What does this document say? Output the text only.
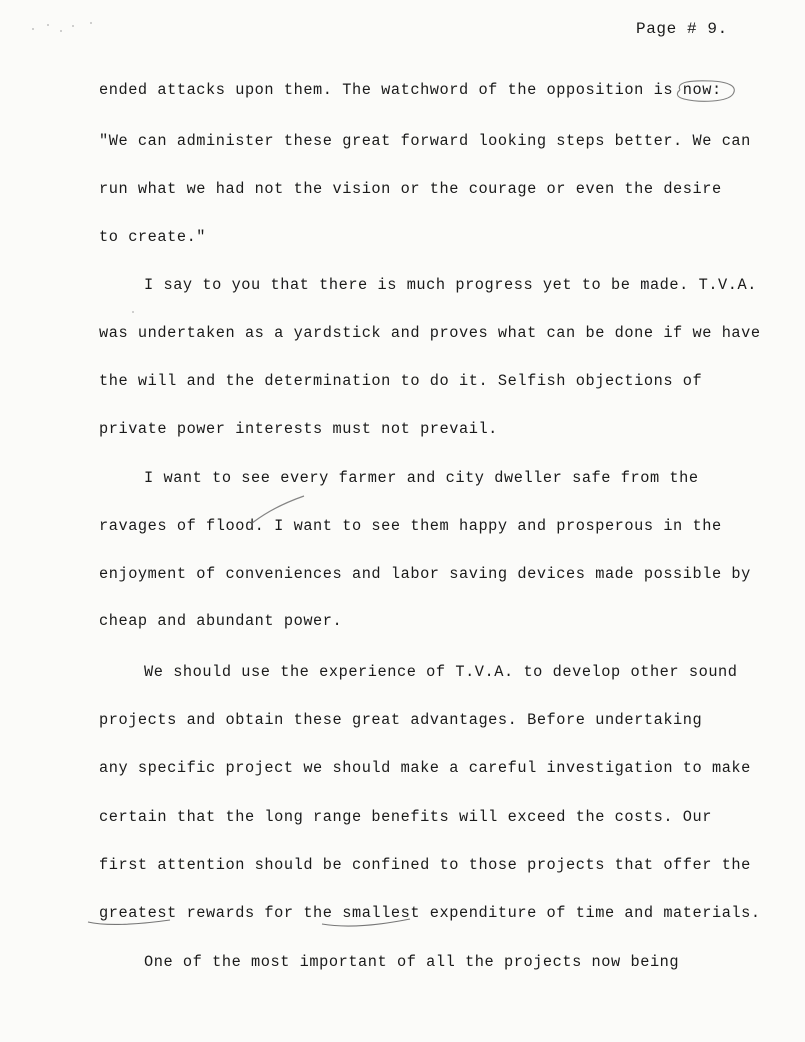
Page # 9.
ended attacks upon them. The watchword of the opposition is now:
"We can administer these great forward looking steps better. We can
run what we had not the vision or the courage or even the desire
to create."
I say to you that there is much progress yet to be made. T.V.A.
was undertaken as a yardstick and proves what can be done if we have
the will and the determination to do it. Selfish objections of
private power interests must not prevail.
I want to see every farmer and city dweller safe from the
ravages of flood. I want to see them happy and prosperous in the
enjoyment of conveniences and labor saving devices made possible by
cheap and abundant power.
We should use the experience of T.V.A. to develop other sound
projects and obtain these great advantages. Before undertaking
any specific project we should make a careful investigation to make
certain that the long range benefits will exceed the costs. Our
first attention should be confined to those projects that offer the
greatest rewards for the smallest expenditure of time and materials.
One of the most important of all the projects now being
